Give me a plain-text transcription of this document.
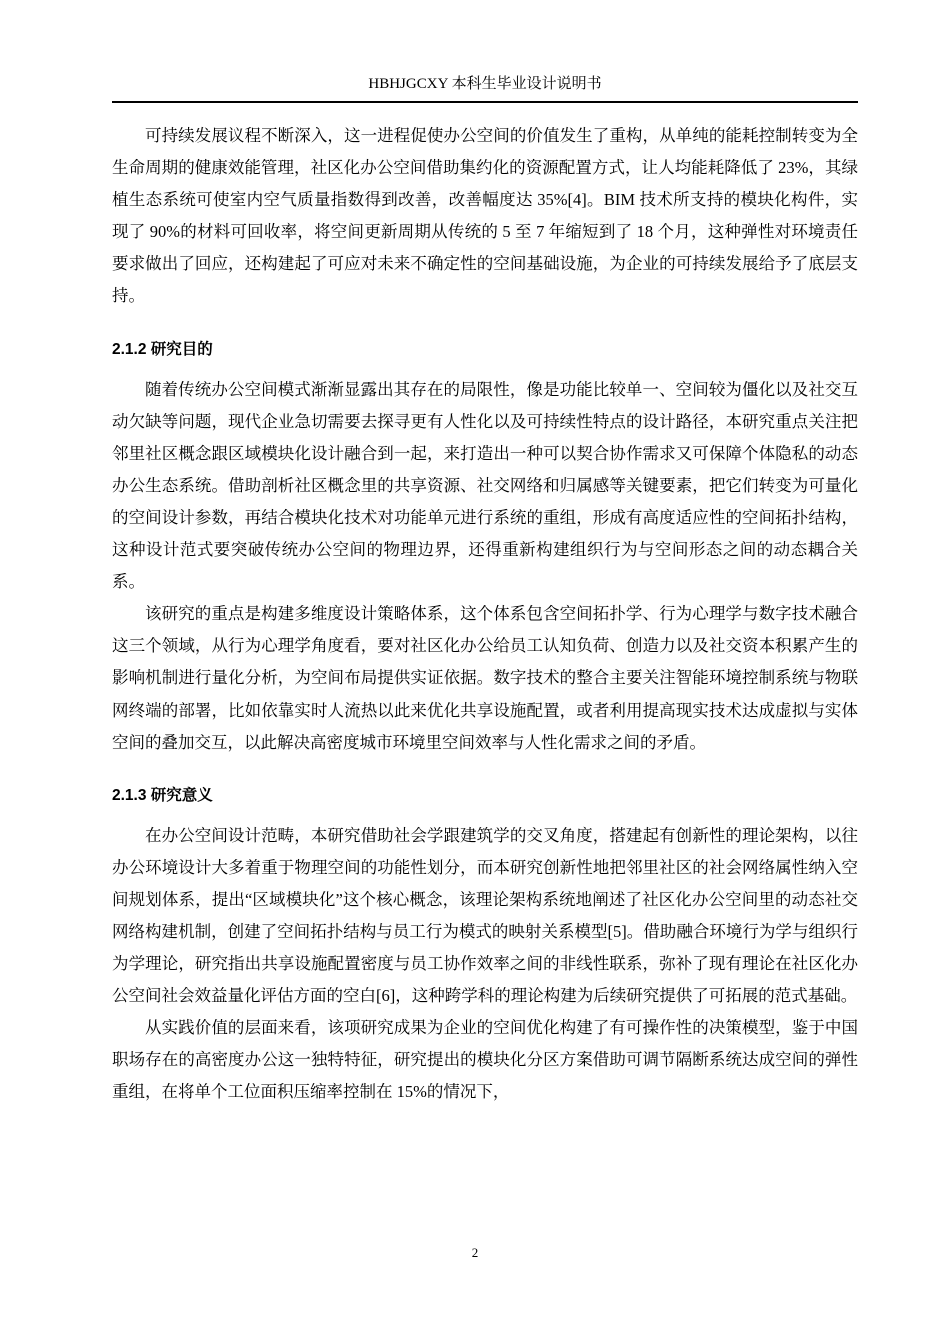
HBHJGCXY 本科生毕业设计说明书

可持续发展议程不断深入，这一进程促使办公空间的价值发生了重构，从单纯的能耗控制转变为全生命周期的健康效能管理，社区化办公空间借助集约化的资源配置方式，让人均能耗降低了 23%，其绿植生态系统可使室内空气质量指数得到改善，改善幅度达 35%[4]。BIM 技术所支持的模块化构件，实现了 90%的材料可回收率，将空间更新周期从传统的 5 至 7 年缩短到了 18 个月，这种弹性对环境责任要求做出了回应，还构建起了可应对未来不确定性的空间基础设施，为企业的可持续发展给予了底层支持。

2.1.2 研究目的

随着传统办公空间模式渐渐显露出其存在的局限性，像是功能比较单一、空间较为僵化以及社交互动欠缺等问题，现代企业急切需要去探寻更有人性化以及可持续性特点的设计路径，本研究重点关注把邻里社区概念跟区域模块化设计融合到一起，来打造出一种可以契合协作需求又可保障个体隐私的动态办公生态系统。借助剖析社区概念里的共享资源、社交网络和归属感等关键要素，把它们转变为可量化的空间设计参数，再结合模块化技术对功能单元进行系统的重组，形成有高度适应性的空间拓扑结构，这种设计范式要突破传统办公空间的物理边界，还得重新构建组织行为与空间形态之间的动态耦合关系。

该研究的重点是构建多维度设计策略体系，这个体系包含空间拓扑学、行为心理学与数字技术融合这三个领域，从行为心理学角度看，要对社区化办公给员工认知负荷、创造力以及社交资本积累产生的影响机制进行量化分析，为空间布局提供实证依据。数字技术的整合主要关注智能环境控制系统与物联网终端的部署，比如依靠实时人流热以此来优化共享设施配置，或者利用提高现实技术达成虚拟与实体空间的叠加交互，以此解决高密度城市环境里空间效率与人性化需求之间的矛盾。

2.1.3 研究意义

在办公空间设计范畴，本研究借助社会学跟建筑学的交叉角度，搭建起有创新性的理论架构，以往办公环境设计大多着重于物理空间的功能性划分，而本研究创新性地把邻里社区的社会网络属性纳入空间规划体系，提出“区域模块化”这个核心概念，该理论架构系统地阐述了社区化办公空间里的动态社交网络构建机制，创建了空间拓扑结构与员工行为模式的映射关系模型[5]。借助融合环境行为学与组织行为学理论，研究指出共享设施配置密度与员工协作效率之间的非线性联系，弥补了现有理论在社区化办公空间社会效益量化评估方面的空白[6]，这种跨学科的理论构建为后续研究提供了可拓展的范式基础。

从实践价值的层面来看，该项研究成果为企业的空间优化构建了有可操作性的决策模型，鉴于中国职场存在的高密度办公这一独特特征，研究提出的模块化分区方案借助可调节隔断系统达成空间的弹性重组，在将单个工位面积压缩率控制在 15%的情况下，

2
